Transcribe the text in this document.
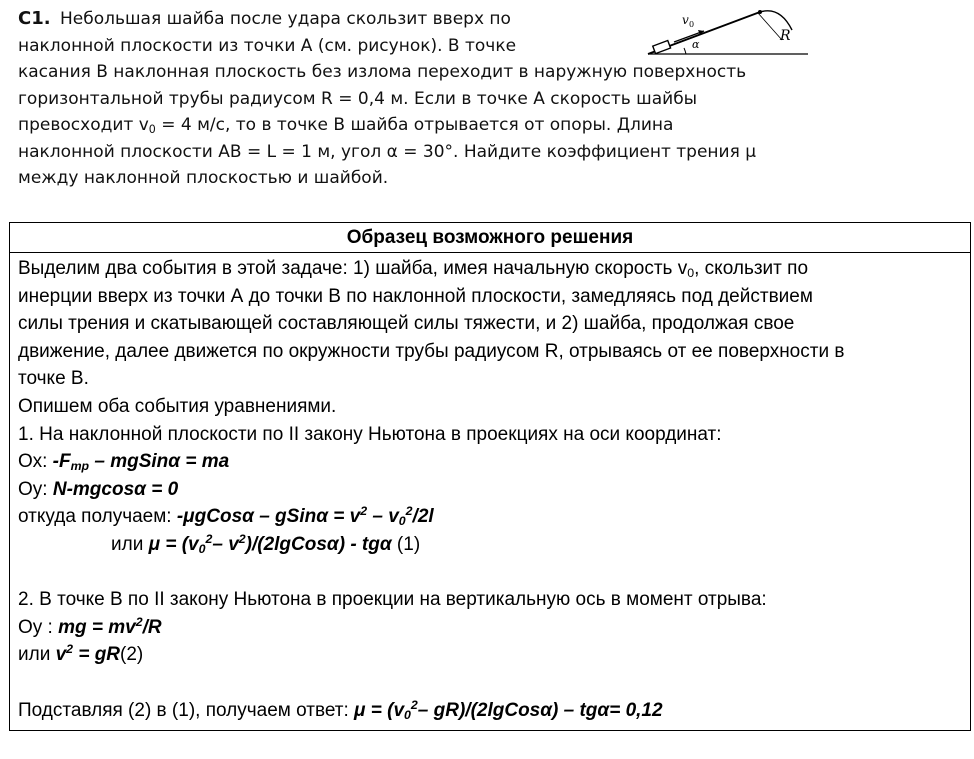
С1. Небольшая шайба после удара скользит вверх по
наклонной плоскости из точки А (см. рисунок). В точке
касания В наклонная плоскость без излома переходит в наружную поверхность
горизонтальной трубы радиусом R = 0,4 м. Если в точке А скорость шайбы
превосходит $v_0 = 4$ м/с, то в точке В шайба отрывается от опоры. Длина
наклонной плоскости АВ = L = 1 м, угол α = 30°. Найдите коэффициент трения μ
между наклонной плоскостью и шайбой.
α
v 0
R
Образец возможного решения
Выделим два события в этой задаче: 1) шайба, имея начальную скорость $v_0$, скользит по
инерции вверх из точки А до точки В по наклонной плоскости, замедляясь под действием
силы трения и скатывающей составляющей силы тяжести, и 2) шайба, продолжая свое
движение, далее движется по окружности трубы радиусом R, отрываясь от ее поверхности в
точке В.
Опишем оба события уравнениями.
1. На наклонной плоскости по II закону Ньютона в проекциях на оси координат:
Ох: $-F_{тр}$ – mgSinα = ma
Оу: N-mgcosα = 0
откуда получаем: -μgCosα – gSinα = $v^2 - v_0^2/2l$
или $\mu = (v_0^2-$ $v^2)/(2lgCos\alpha)$ - tgα (1)
2. В точке В по II закону Ньютона в проекции на вертикальную ось в момент отрыва:
Оу : mg = $mv^2/R$
или $v^2 = gR(2)$
Подставляя (2) в (1), получаем ответ: $\mu = (v_0^2-$ gR)/(2lgCosα) – tgα= 0,12
